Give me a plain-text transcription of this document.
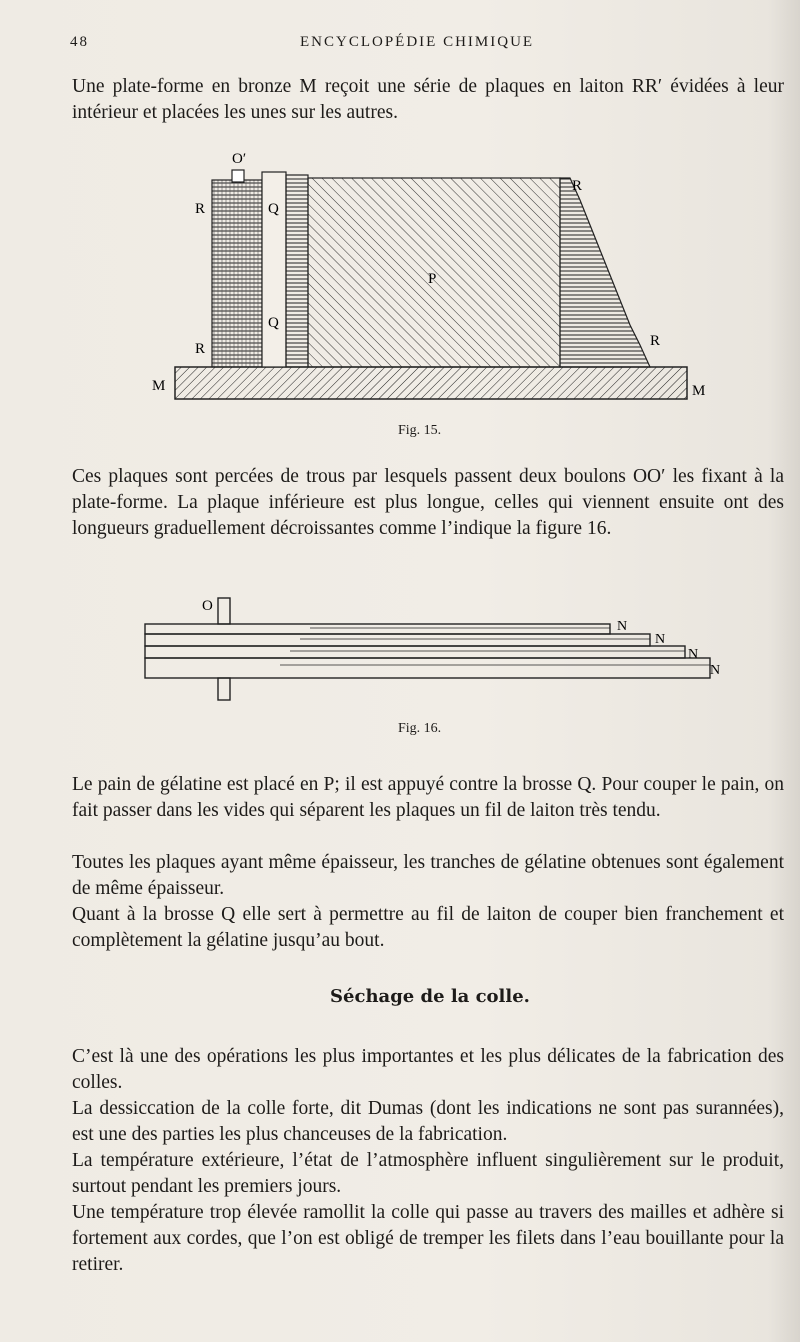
48	ENCYCLOPÉDIE CHIMIQUE

Une plate-forme en bronze M reçoit une série de plaques en laiton RR′ évidées à leur intérieur et placées les unes sur les autres.

O′
R	Q
P
Q
R
R
R
M	M
Fig. 15.

Ces plaques sont percées de trous par lesquels passent deux boulons OO′ les fixant à la plate-forme. La plaque inférieure est plus longue, celles qui viennent ensuite ont des longueurs graduellement décroissantes comme l’indique la figure 16.

O
N
N
N
N
Fig. 16.

Le pain de gélatine est placé en P; il est appuyé contre la brosse Q. Pour couper le pain, on fait passer dans les vides qui séparent les plaques un fil de laiton très tendu.

Toutes les plaques ayant même épaisseur, les tranches de gélatine obtenues sont également de même épaisseur.

Quant à la brosse Q elle sert à permettre au fil de laiton de couper bien franchement et complètement la gélatine jusqu’au bout.

Séchage de la colle.

C’est là une des opérations les plus importantes et les plus délicates de la fabrication des colles.

La dessiccation de la colle forte, dit Dumas (dont les indications ne sont pas surannées), est une des parties les plus chanceuses de la fabrication.

La température extérieure, l’état de l’atmosphère influent singulièrement sur le produit, surtout pendant les premiers jours.

Une température trop élevée ramollit la colle qui passe au travers des mailles et adhère si fortement aux cordes, que l’on est obligé de tremper les filets dans l’eau bouillante pour la retirer.
